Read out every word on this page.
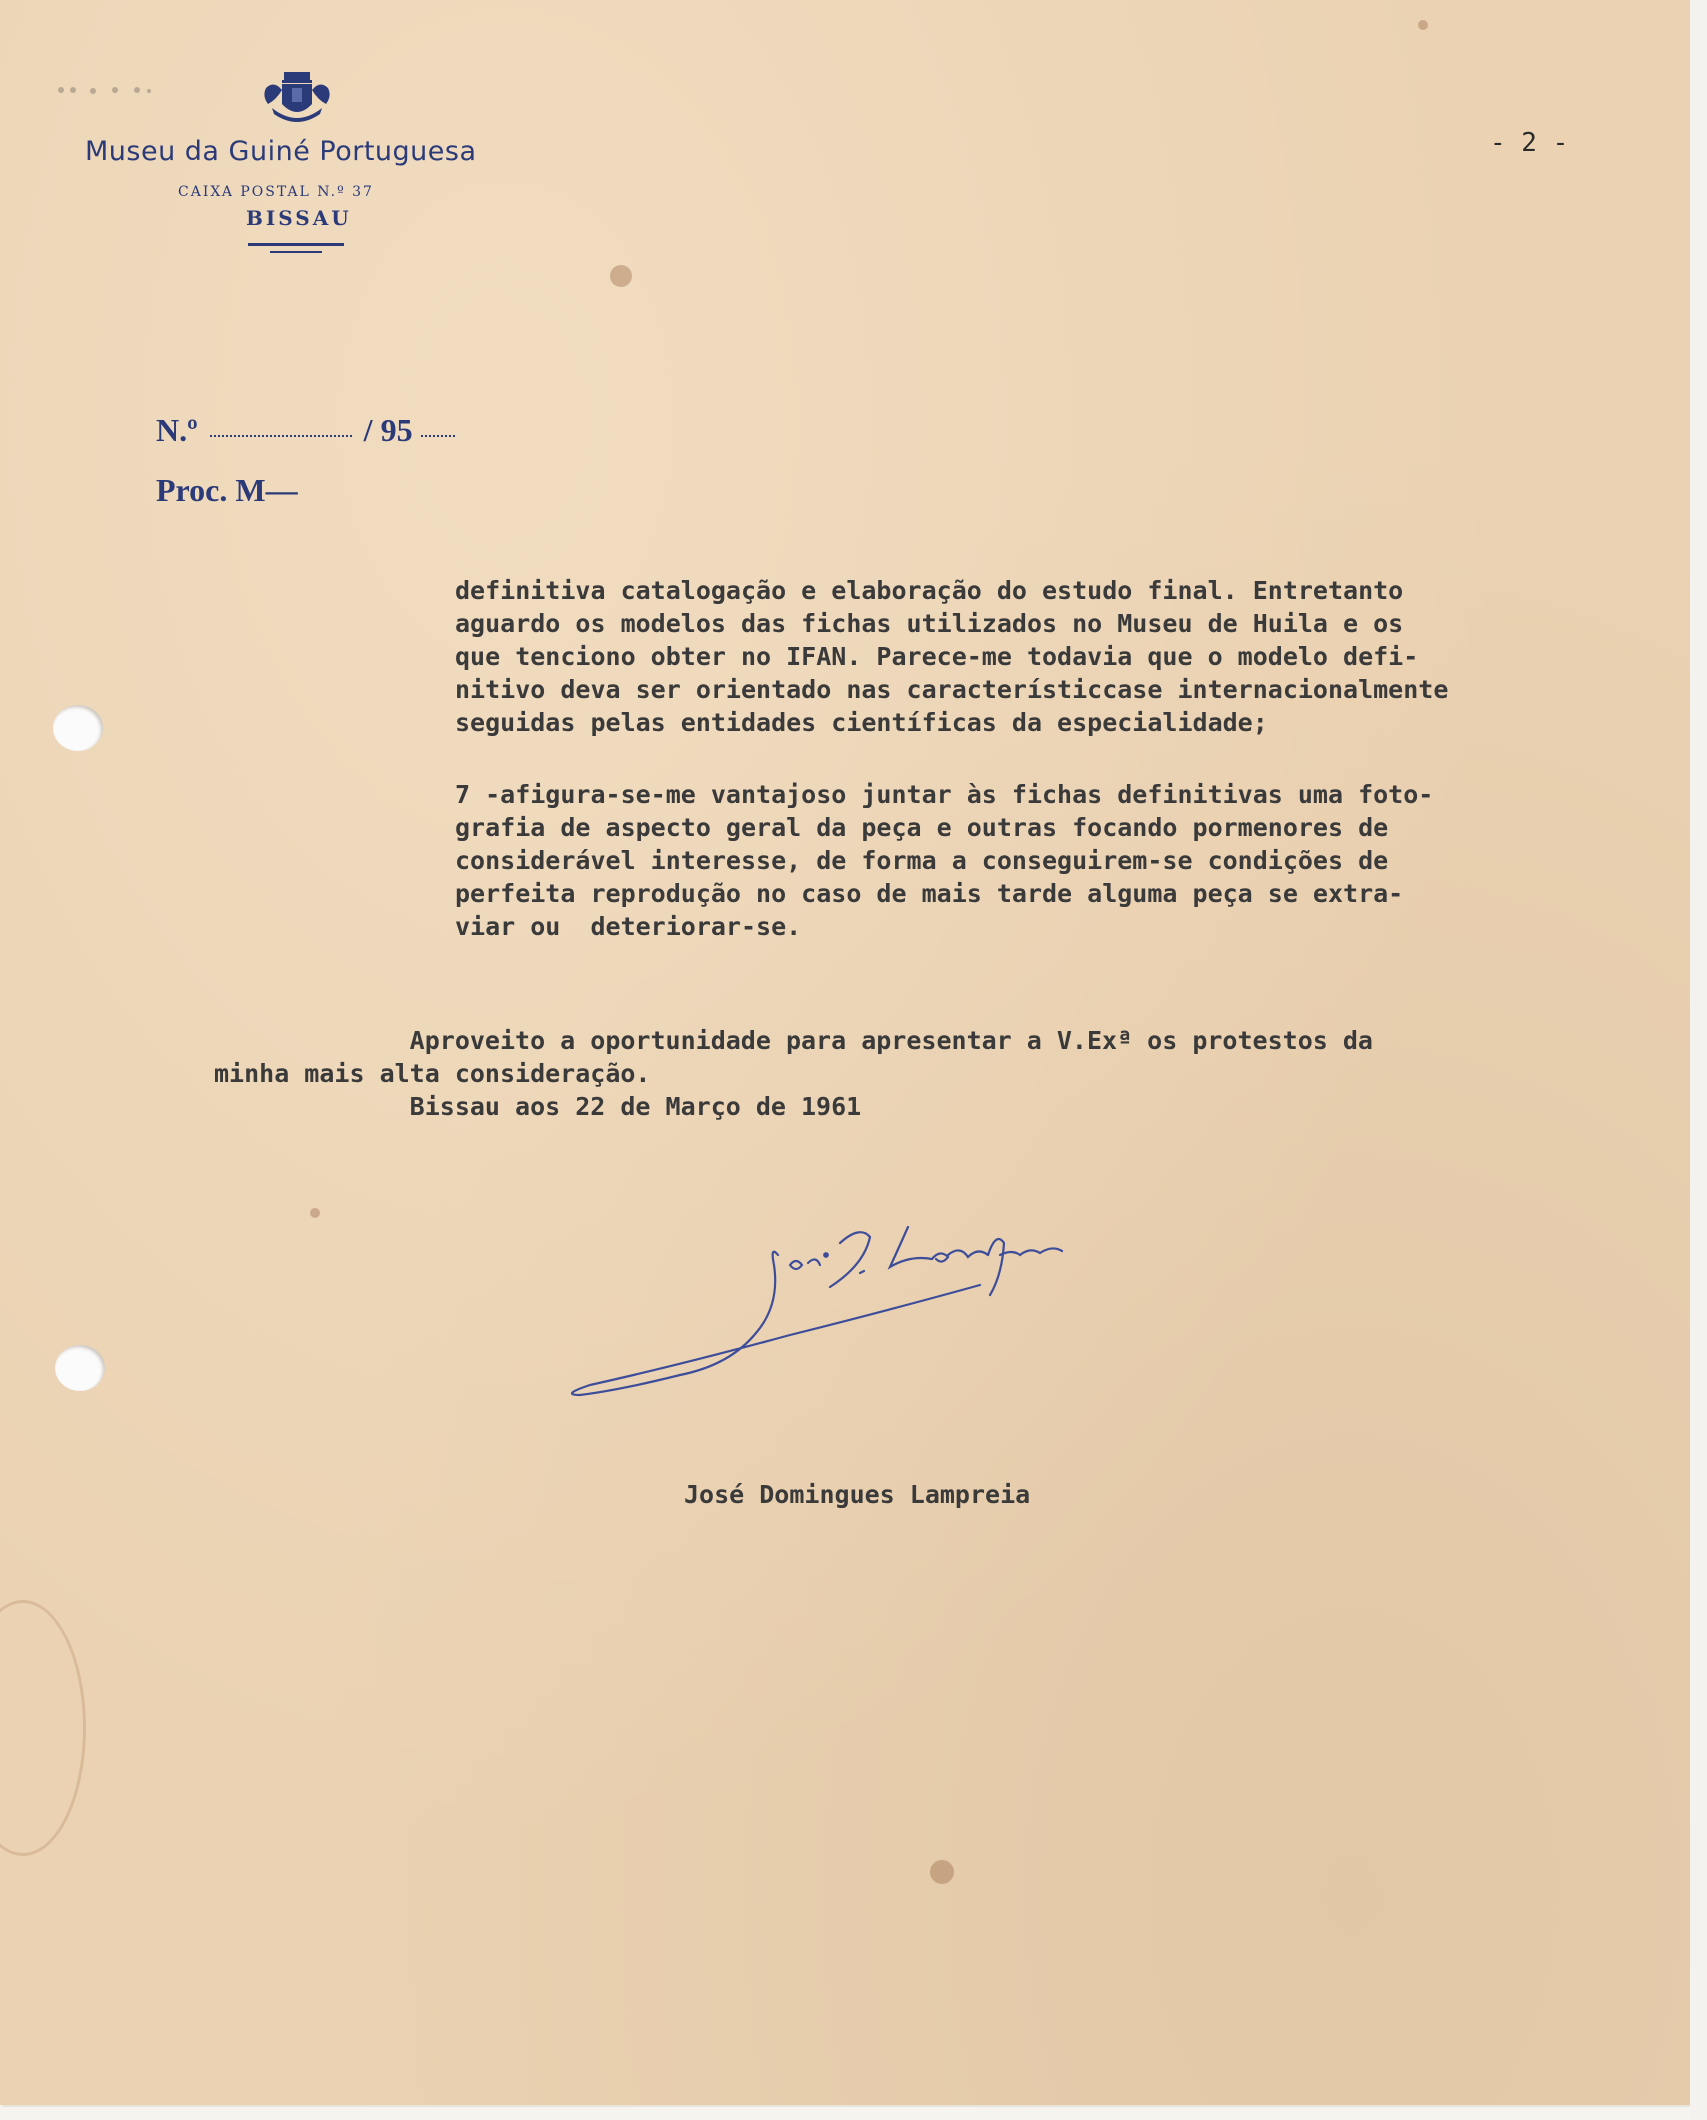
Museu da Guiné Portuguesa
CAIXA POSTAL N.º 37
BISSAU
- 2 -
N.º	/ 95
Proc. M—
definitiva catalogação e elaboração do estudo final. Entretanto
aguardo os modelos das fichas utilizados no Museu de Huila e os
que tenciono obter no IFAN. Parece-me todavia que o modelo defi-
nitivo deva ser orientado nas característiccase internacionalmente
seguidas pelas entidades científicas da especialidade;
7 -afigura-se-me vantajoso juntar às fichas definitivas uma foto-
grafia de aspecto geral da peça e outras focando pormenores de
considerável interesse, de forma a conseguirem-se condições de
perfeita reprodução no caso de mais tarde alguma peça se extra-
viar ou  deteriorar-se.
Aproveito a oportunidade para apresentar a V.Exª os protestos da
minha mais alta consideração.
Bissau aos 22 de Março de 1961
José Domingues Lampreia
